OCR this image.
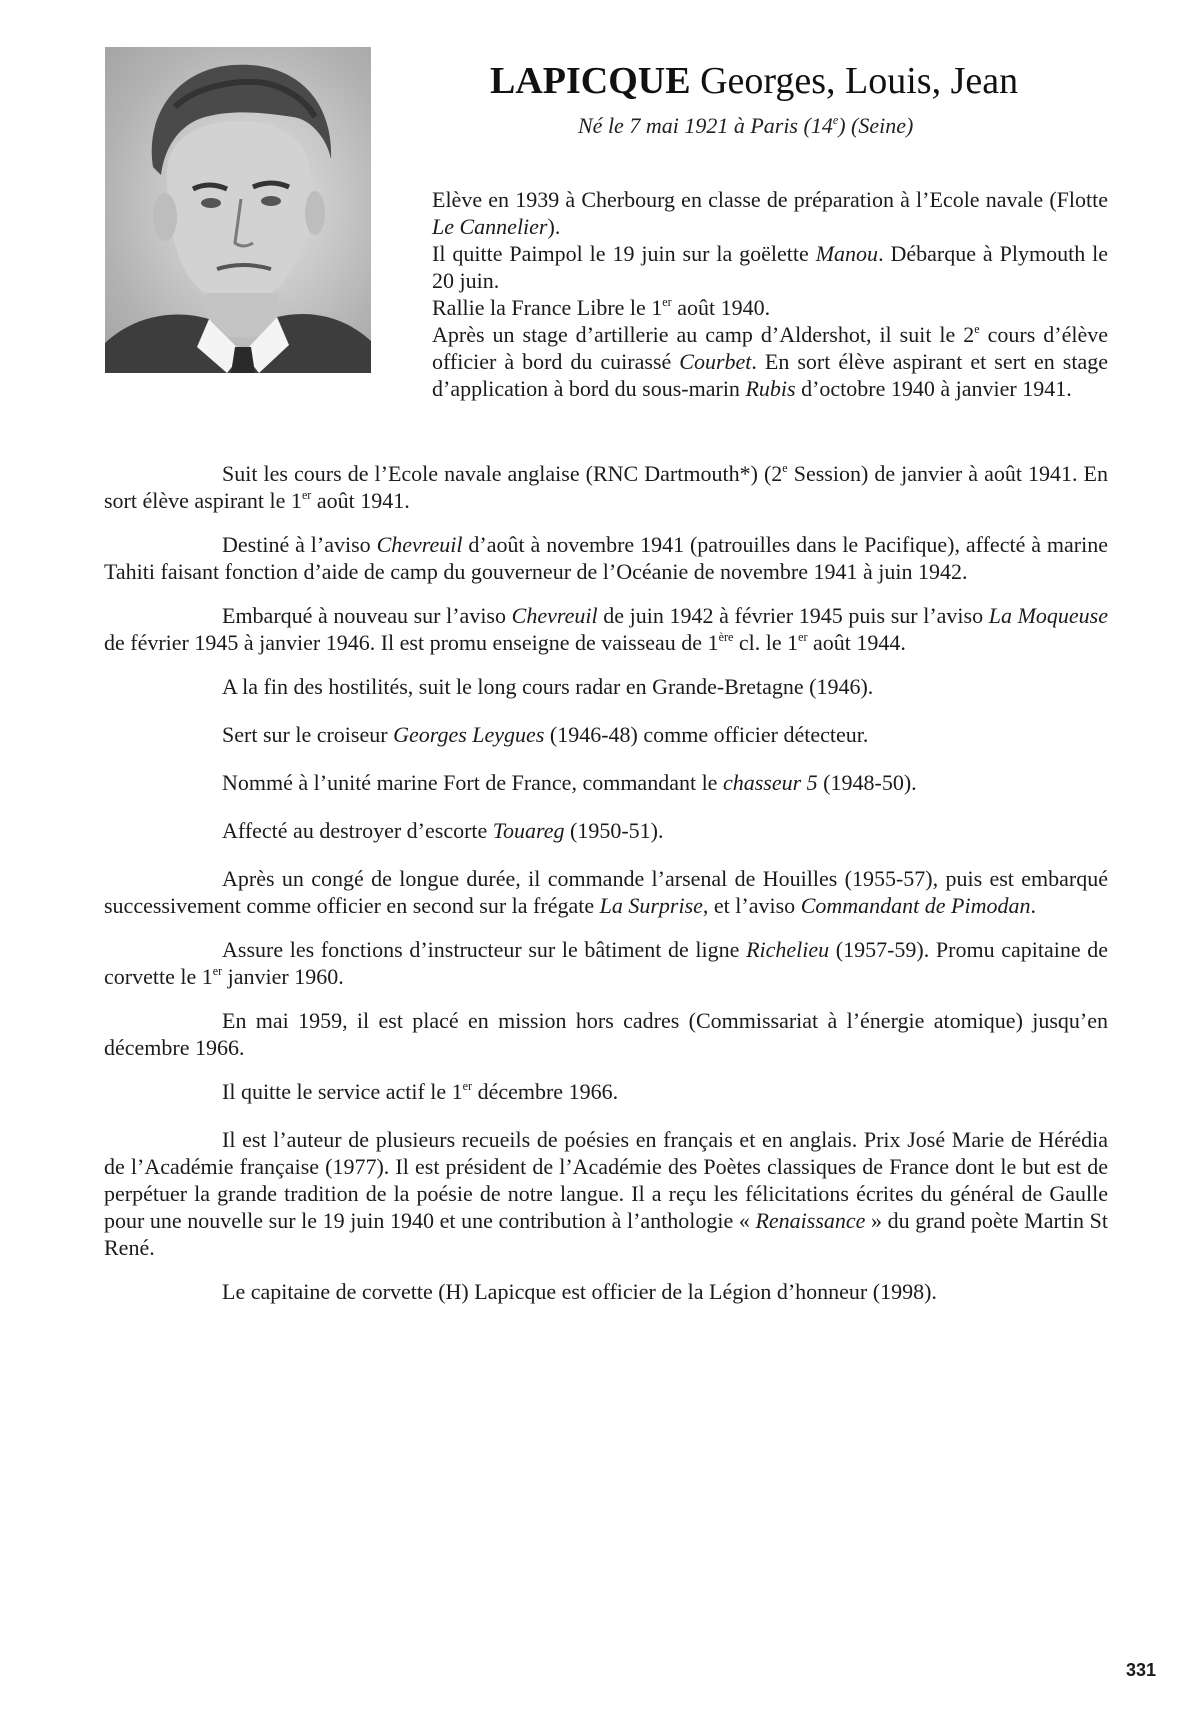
LAPICQUE Georges, Louis, Jean
Né le 7 mai 1921 à Paris (14e) (Seine)

Elève en 1939 à Cherbourg en classe de préparation à l’Ecole navale (Flotte Le Cannelier).

Il quitte Paimpol le 19 juin sur la goëlette Manou. Débarque à Plymouth le 20 juin.

Rallie la France Libre le 1er août 1940.

Après un stage d’artillerie au camp d’Aldershot, il suit le 2e cours d’élève officier à bord du cuirassé Courbet. En sort élève aspirant et sert en stage d’application à bord du sous-marin Rubis d’octobre 1940 à janvier 1941.

Suit les cours de l’Ecole navale anglaise (RNC Dartmouth*) (2e Session) de janvier à août 1941. En sort élève aspirant le 1er août 1941.

Destiné à l’aviso Chevreuil d’août à novembre 1941 (patrouilles dans le Pacifique), affecté à marine Tahiti faisant fonction d’aide de camp du gouverneur de l’Océanie de novembre 1941 à juin 1942.

Embarqué à nouveau sur l’aviso Chevreuil de juin 1942 à février 1945 puis sur l’aviso La Moqueuse de février 1945 à janvier 1946. Il est promu enseigne de vaisseau de 1ère cl. le 1er août 1944.

A la fin des hostilités, suit le long cours radar en Grande-Bretagne (1946).

Sert sur le croiseur Georges Leygues (1946-48) comme officier détecteur.

Nommé à l’unité marine Fort de France, commandant le chasseur 5 (1948-50).

Affecté au destroyer d’escorte Touareg (1950-51).

Après un congé de longue durée, il commande l’arsenal de Houilles (1955-57), puis est embarqué successivement comme officier en second sur la frégate La Surprise, et l’aviso Commandant de Pimodan.

Assure les fonctions d’instructeur sur le bâtiment de ligne Richelieu (1957-59). Promu capitaine de corvette le 1er janvier 1960.

En mai 1959, il est placé en mission hors cadres (Commissariat à l’énergie atomique) jusqu’en décembre 1966.

Il quitte le service actif le 1er décembre 1966.

Il est l’auteur de plusieurs recueils de poésies en français et en anglais. Prix José Marie de Hérédia de l’Académie française (1977). Il est président de l’Académie des Poètes classiques de France dont le but est de perpétuer la grande tradition de la poésie de notre langue. Il a reçu les félicitations écrites du général de Gaulle pour une nouvelle sur le 19 juin 1940 et une contribution à l’anthologie « Renaissance » du grand poète Martin St René.

Le capitaine de corvette (H) Lapicque est officier de la Légion d’honneur (1998).

331
